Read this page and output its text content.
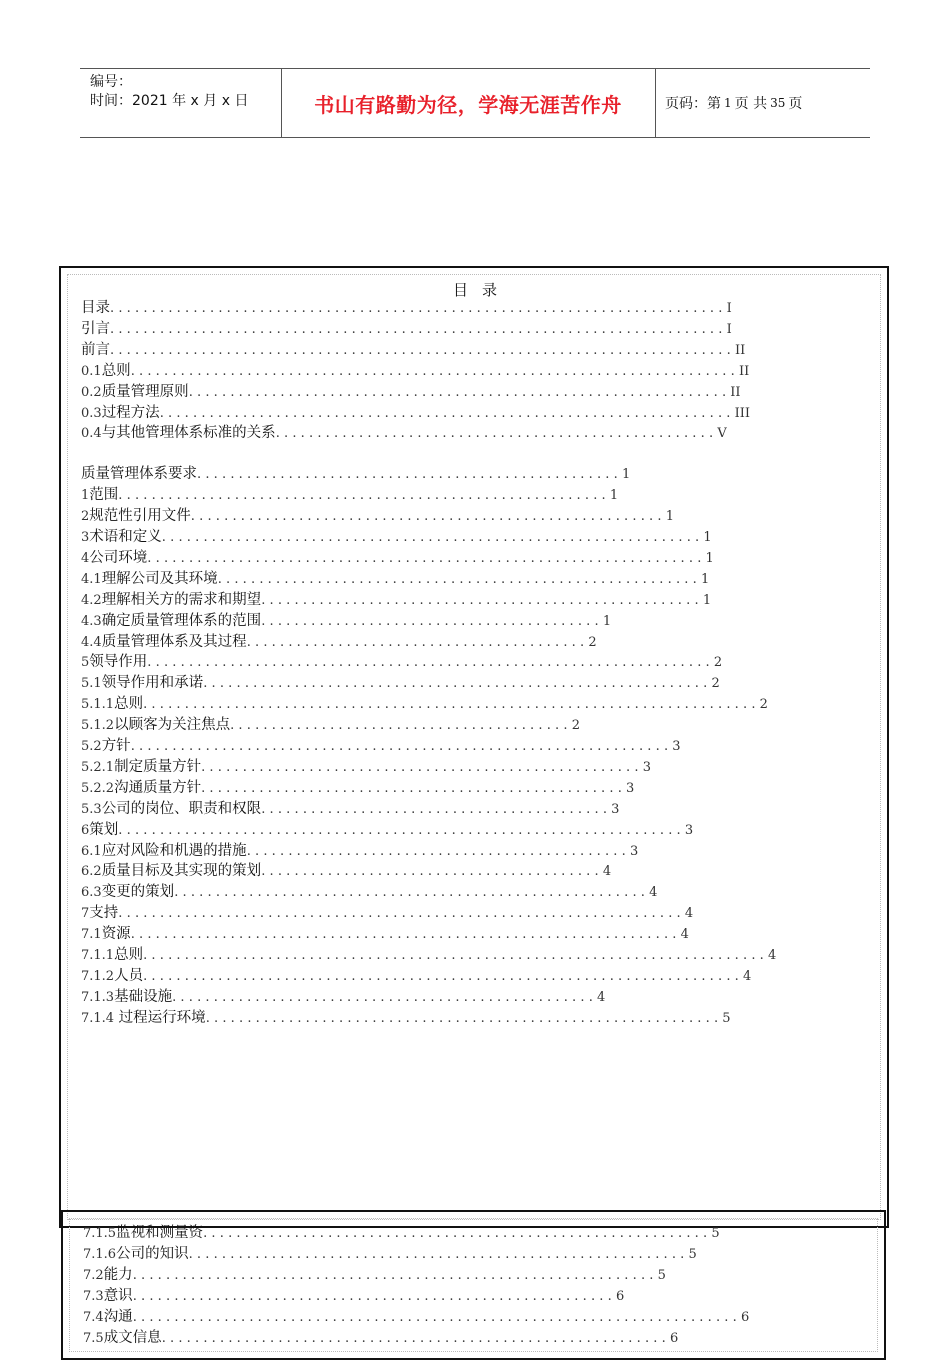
编号：
时间：2021 年 x 月 x 日	书山有路勤为径，学海无涯苦作舟	页码：第 1 页 共 35 页
目录
目录..........................................................................I
引言..........................................................................I
前言...........................................................................II
0.1总则.........................................................................II
0.2质量管理原则.................................................................II
0.3过程方法.....................................................................III
0.4与其他管理体系标准的关系.....................................................V
质量管理体系要求...................................................1
1范围...........................................................1
2规范性引用文件.........................................................1
3术语和定义.................................................................1
4公司环境...................................................................1
4.1理解公司及其环境..........................................................1
4.2理解相关方的需求和期望.....................................................1
4.3确定质量管理体系的范围.........................................1
4.4质量管理体系及其过程.........................................2
5领导作用....................................................................2
5.1领导作用和承诺.............................................................2
5.1.1总则..........................................................................2
5.1.2以顾客为关注焦点.........................................2
5.2方针.................................................................3
5.2.1制定质量方针.....................................................3
5.2.2沟通质量方针...................................................3
5.3公司的岗位、职责和权限..........................................3
6策划....................................................................3
6.1应对风险和机遇的措施..............................................3
6.2质量目标及其实现的策划.........................................4
6.3变更的策划.........................................................4
7支持....................................................................4
7.1资源..................................................................4
7.1.1总则...........................................................................4
7.1.2人员........................................................................4
7.1.3基础设施...................................................4
7.1.4 过程运行环境..............................................................5
7.1.5监视和测量资.............................................................5
7.1.6公司的知识............................................................5
7.2能力...............................................................5
7.3意识..........................................................6
7.4沟通.........................................................................6
7.5成文信息.............................................................6
